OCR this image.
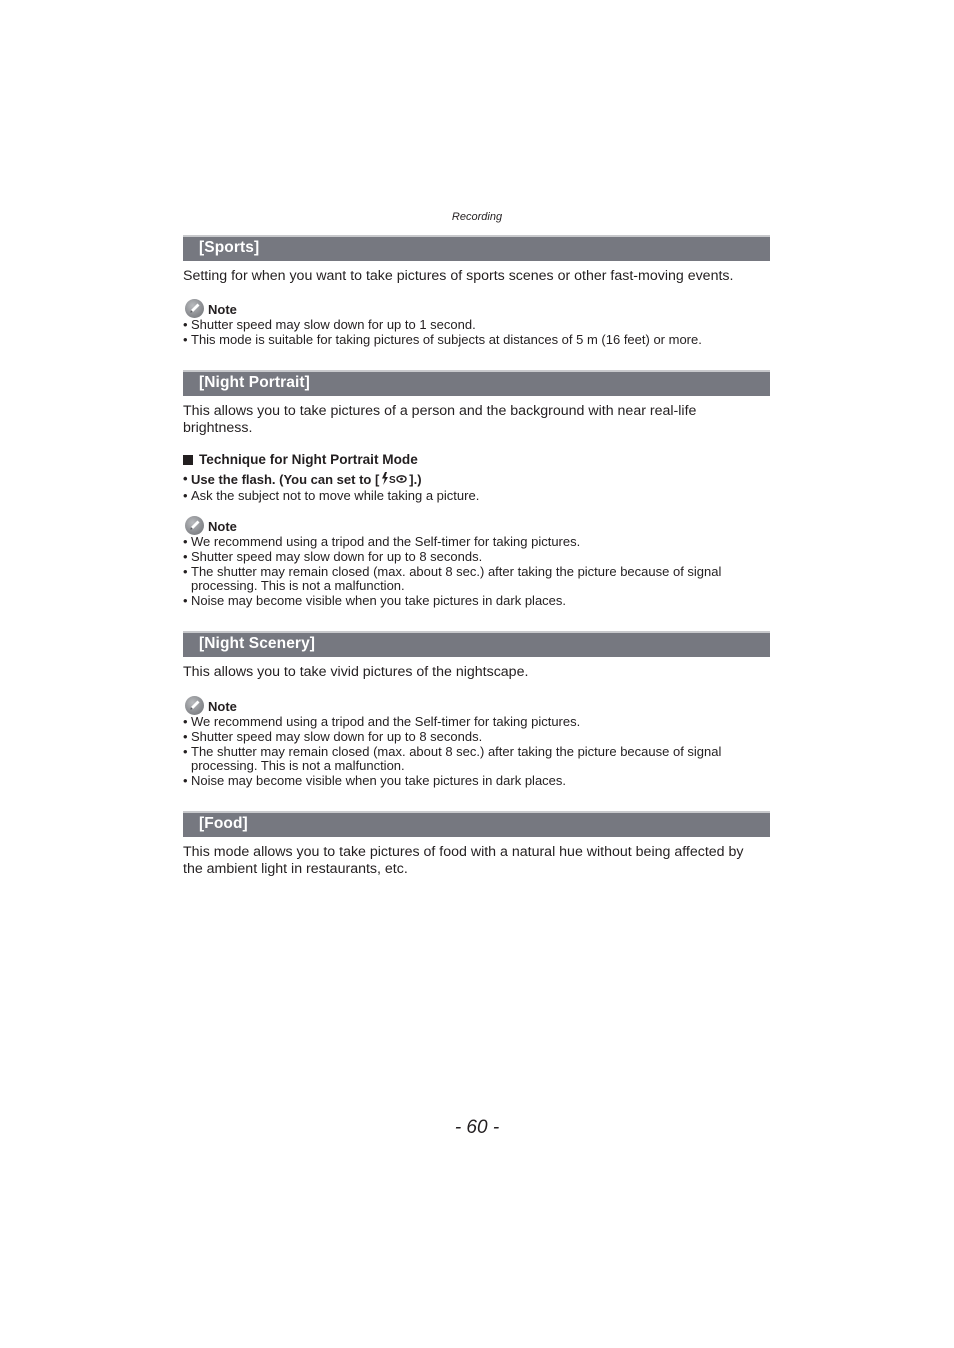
Recording
[Sports]
Setting for when you want to take pictures of sports scenes or other fast-moving events.
Note
• Shutter speed may slow down for up to 1 second.
• This mode is suitable for taking pictures of subjects at distances of 5 m (16 feet) or more.
[Night Portrait]
This allows you to take pictures of a person and the background with near real-life
brightness.
Technique for Night Portrait Mode
• Use the flash. (You can set to [ S ].)
• Ask the subject not to move while taking a picture.
Note
• We recommend using a tripod and the Self-timer for taking pictures.
• Shutter speed may slow down for up to 8 seconds.
• The shutter may remain closed (max. about 8 sec.) after taking the picture because of signal
processing. This is not a malfunction.
• Noise may become visible when you take pictures in dark places.
[Night Scenery]
This allows you to take vivid pictures of the nightscape.
Note
• We recommend using a tripod and the Self-timer for taking pictures.
• Shutter speed may slow down for up to 8 seconds.
• The shutter may remain closed (max. about 8 sec.) after taking the picture because of signal
processing. This is not a malfunction.
• Noise may become visible when you take pictures in dark places.
[Food]
This mode allows you to take pictures of food with a natural hue without being affected by
the ambient light in restaurants, etc.
- 60 -
